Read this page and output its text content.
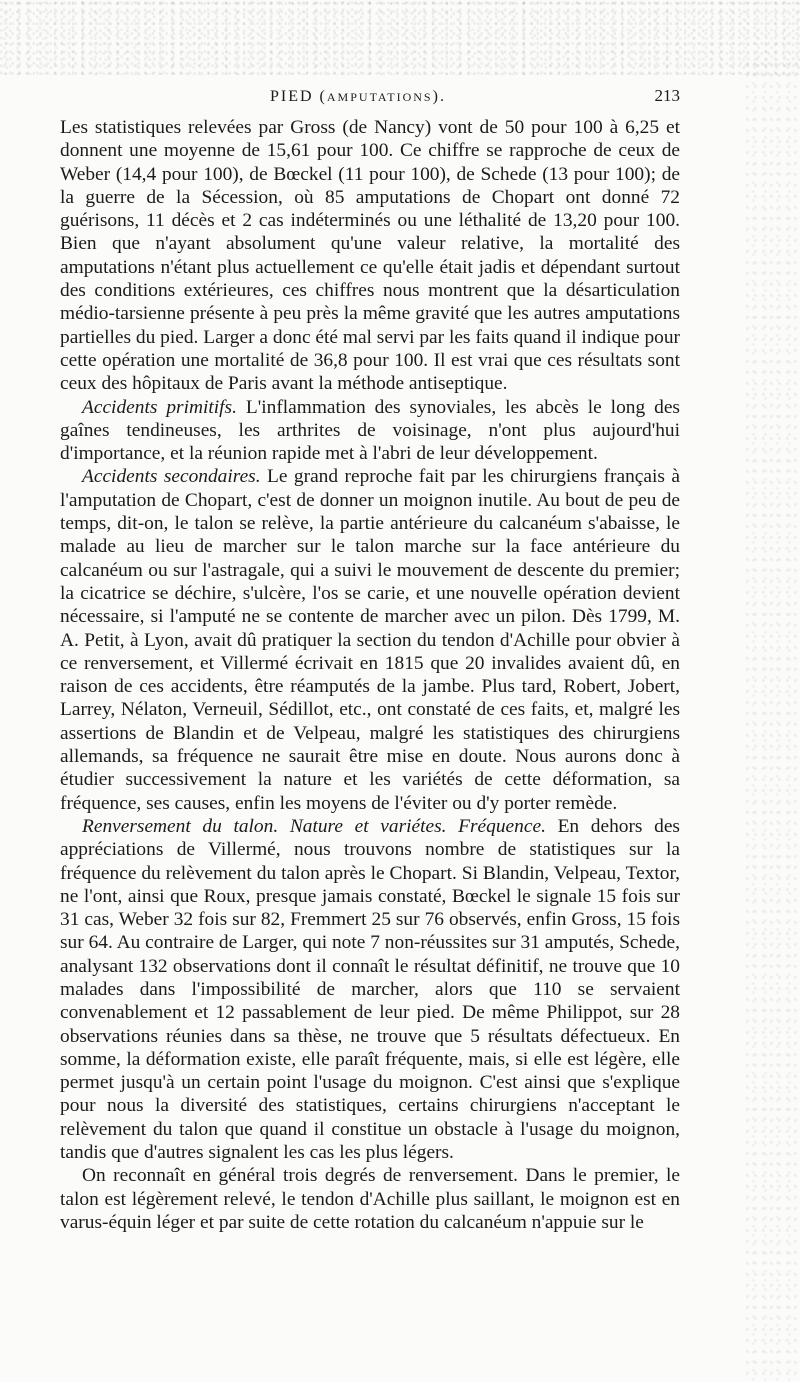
PIED (AMPUTATIONS).	213

Les statistiques relevées par Gross (de Nancy) vont de 50 pour 100 à 6,25 et donnent une moyenne de 15,61 pour 100. Ce chiffre se rapproche de ceux de Weber (14,4 pour 100), de Bœckel (11 pour 100), de Schede (13 pour 100); de la guerre de la Sécession, où 85 amputations de Chopart ont donné 72 guérisons, 11 décès et 2 cas indéterminés ou une léthalité de 13,20 pour 100. Bien que n'ayant absolument qu'une valeur relative, la mortalité des amputations n'étant plus actuellement ce qu'elle était jadis et dépendant surtout des conditions extérieures, ces chiffres nous montrent que la désarticulation médio-tarsienne présente à peu près la même gravité que les autres amputations partielles du pied. Larger a donc été mal servi par les faits quand il indique pour cette opération une mortalité de 36,8 pour 100. Il est vrai que ces résultats sont ceux des hôpitaux de Paris avant la méthode antiseptique.

Accidents primitifs. L'inflammation des synoviales, les abcès le long des gaînes tendineuses, les arthrites de voisinage, n'ont plus aujourd'hui d'importance, et la réunion rapide met à l'abri de leur développement.

Accidents secondaires. Le grand reproche fait par les chirurgiens français à l'amputation de Chopart, c'est de donner un moignon inutile. Au bout de peu de temps, dit-on, le talon se relève, la partie antérieure du calcanéum s'abaisse, le malade au lieu de marcher sur le talon marche sur la face antérieure du calcanéum ou sur l'astragale, qui a suivi le mouvement de descente du premier; la cicatrice se déchire, s'ulcère, l'os se carie, et une nouvelle opération devient nécessaire, si l'amputé ne se contente de marcher avec un pilon. Dès 1799, M. A. Petit, à Lyon, avait dû pratiquer la section du tendon d'Achille pour obvier à ce renversement, et Villermé écrivait en 1815 que 20 invalides avaient dû, en raison de ces accidents, être réamputés de la jambe. Plus tard, Robert, Jobert, Larrey, Nélaton, Verneuil, Sédillot, etc., ont constaté de ces faits, et, malgré les assertions de Blandin et de Velpeau, malgré les statistiques des chirurgiens allemands, sa fréquence ne saurait être mise en doute. Nous aurons donc à étudier successivement la nature et les variétés de cette déformation, sa fréquence, ses causes, enfin les moyens de l'éviter ou d'y porter remède.

Renversement du talon. Nature et variétes. Fréquence. En dehors des appréciations de Villermé, nous trouvons nombre de statistiques sur la fréquence du relèvement du talon après le Chopart. Si Blandin, Velpeau, Textor, ne l'ont, ainsi que Roux, presque jamais constaté, Bœckel le signale 15 fois sur 31 cas, Weber 32 fois sur 82, Fremmert 25 sur 76 observés, enfin Gross, 15 fois sur 64. Au contraire de Larger, qui note 7 non-réussites sur 31 amputés, Schede, analysant 132 observations dont il connaît le résultat définitif, ne trouve que 10 malades dans l'impossibilité de marcher, alors que 110 se servaient convenablement et 12 passablement de leur pied. De même Philippot, sur 28 observations réunies dans sa thèse, ne trouve que 5 résultats défectueux. En somme, la déformation existe, elle paraît fréquente, mais, si elle est légère, elle permet jusqu'à un certain point l'usage du moignon. C'est ainsi que s'explique pour nous la diversité des statistiques, certains chirurgiens n'acceptant le relèvement du talon que quand il constitue un obstacle à l'usage du moignon, tandis que d'autres signalent les cas les plus légers.

On reconnaît en général trois degrés de renversement. Dans le premier, le talon est légèrement relevé, le tendon d'Achille plus saillant, le moignon est en varus-équin léger et par suite de cette rotation du calcanéum n'appuie sur le
